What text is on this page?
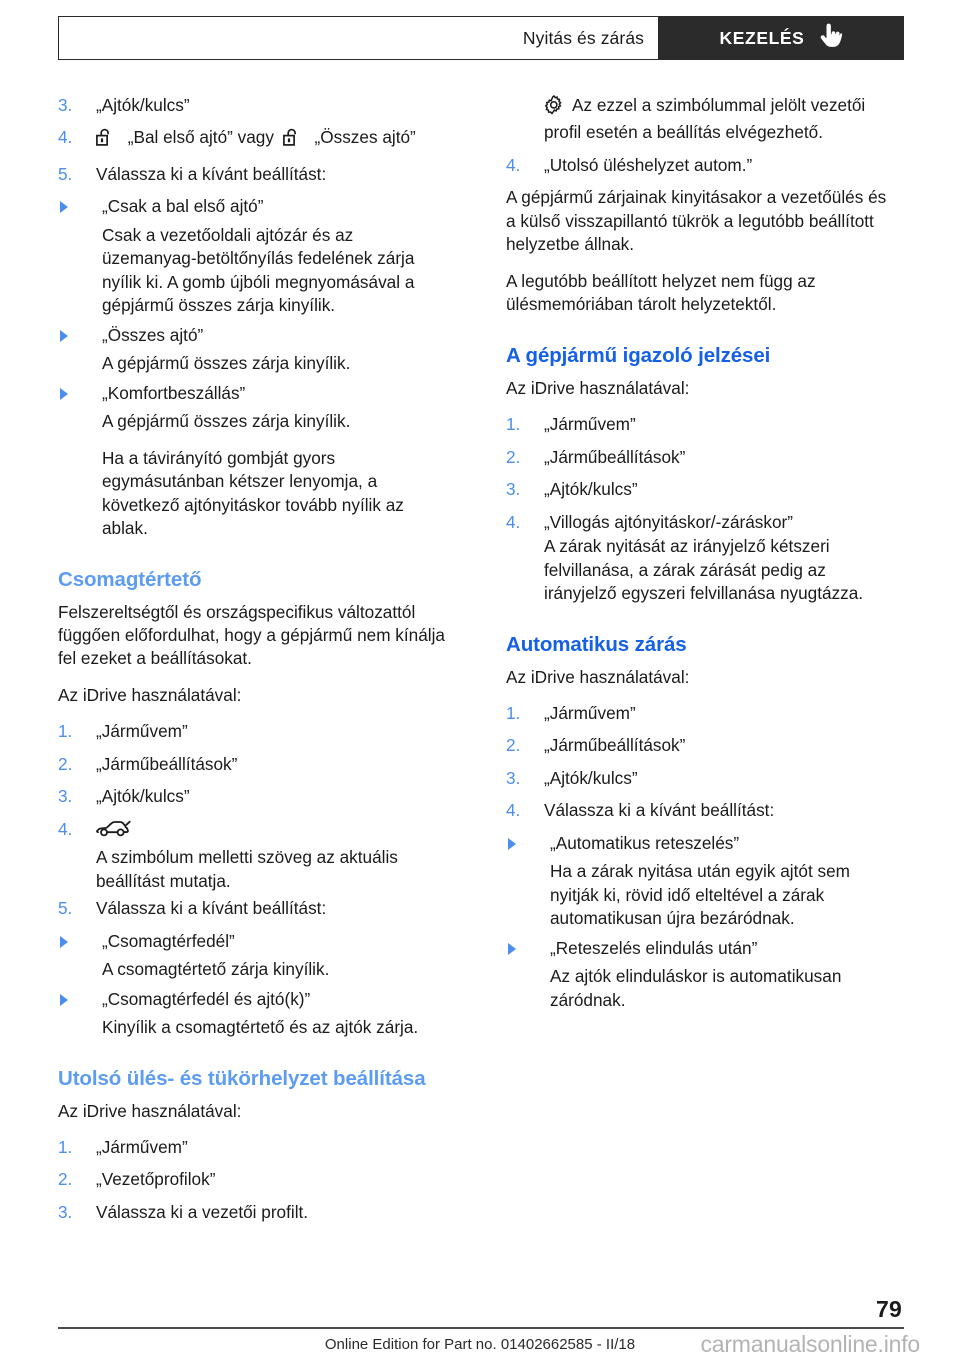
Nyitás és zárás	KEZELÉS
3.	„Ajtók/kulcs”
4.	„Bal első ajtó” vagy „Összes ajtó”
5.	Válassza ki a kívánt beállítást:
„Csak a bal első ajtó”
Csak a vezetőoldali ajtózár és az üzemanyag-betöltőnyílás fedelének zárja nyílik ki. A gomb újbóli megnyomásával a gépjármű összes zárja kinyílik.
„Összes ajtó”
A gépjármű összes zárja kinyílik.
„Komfortbeszállás”
A gépjármű összes zárja kinyílik.
Ha a távirányító gombját gyors egymásutánban kétszer lenyomja, a következő ajtónyitáskor tovább nyílik az ablak.
Csomagtértető

Felszereltségtől és országspecifikus változattól függően előfordulhat, hogy a gépjármű nem kínálja fel ezeket a beállításokat.

Az iDrive használatával:

1.	„Járművem”
2.	„Járműbeállítások”
3.	„Ajtók/kulcs”
4.
A szimbólum melletti szöveg az aktuális beállítást mutatja.
5.	Válassza ki a kívánt beállítást:
„Csomagtérfedél”
A csomagtértető zárja kinyílik.
„Csomagtérfedél és ajtó(k)”
Kinyílik a csomagtértető és az ajtók zárja.
Utolsó ülés- és tükörhelyzet beállítása

Az iDrive használatával:

1.	„Járművem”
2.	„Vezetőprofilok”
3.	Válassza ki a vezetői profilt.
Az ezzel a szimbólummal jelölt vezetői profil esetén a beállítás elvégezhető.
4.	„Utolsó üléshelyzet autom.”

A gépjármű zárjainak kinyitásakor a vezetőülés és a külső visszapillantó tükrök a legutóbb beállított helyzetbe állnak.

A legutóbb beállított helyzet nem függ az ülésmemóriában tárolt helyzetektől.

A gépjármű igazoló jelzései

Az iDrive használatával:

1.	„Járművem”
2.	„Járműbeállítások”
3.	„Ajtók/kulcs”
4.	„Villogás ajtónyitáskor/-záráskor”
A zárak nyitását az irányjelző kétszeri felvillanása, a zárak zárását pedig az irányjelző egyszeri felvillanása nyugtázza.
Automatikus zárás

Az iDrive használatával:

1.	„Járművem”
2.	„Járműbeállítások”
3.	„Ajtók/kulcs”
4.	Válassza ki a kívánt beállítást:
„Automatikus reteszelés”
Ha a zárak nyitása után egyik ajtót sem nyitják ki, rövid idő elteltével a zárak automatikusan újra bezáródnak.
„Reteszelés elindulás után”
Az ajtók elinduláskor is automatikusan záródnak.
79
Online Edition for Part no. 01402662585 - II/18	carmanualsonline.info
